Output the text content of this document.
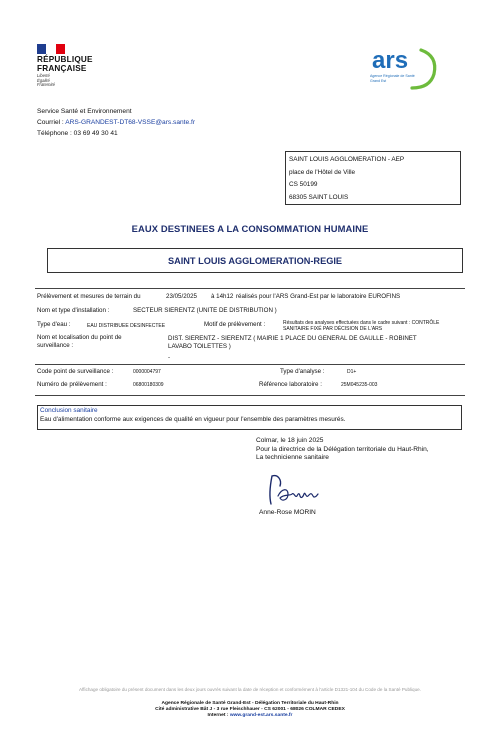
RÉPUBLIQUE
FRANÇAISE
Liberté
Égalité
Fraternité
ars
Agence Régionale de Santé
Grand Est
Service Santé et Environnement
Courriel : ARS-GRANDEST-DT68-VSSE@ars.sante.fr
Téléphone : 03 69 49 30 41
SAINT LOUIS AGGLOMERATION - AEP
place de l'Hôtel de Ville
CS 50199
68305 SAINT LOUIS
EAUX DESTINEES A LA CONSOMMATION HUMAINE
SAINT LOUIS AGGLOMERATION-REGIE
Prélèvement et mesures de terrain du	23/05/2025 à 14h12 réalisés pour l'ARS Grand-Est par le laboratoire EUROFINS
Nom et type d'installation :	SECTEUR SIERENTZ (UNITE DE DISTRIBUTION )
Type d'eau :	EAU DISTRIBUEE DESINFECTEE	Motif de prélèvement :	Résultats des analyses effectuées dans le cadre suivant : CONTRÔLE
SANITAIRE FIXÉ PAR DÉCISION DE L'ARS
Nom et localisation du point de
surveillance :
DIST. SIERENTZ - SIERENTZ ( MAIRIE 1 PLACE DU GENERAL DE GAULLE - ROBINET
LAVABO TOILETTES )
-
Code point de surveillance :	0000004797	Type d'analyse :	D1+
Numéro de prélèvement :	06800180309	Référence laboratoire :	25M045235-003
Conclusion sanitaire
Eau d'alimentation conforme aux exigences de qualité en vigueur pour l'ensemble des paramètres mesurés.
Colmar, le 18 juin 2025
Pour la directrice de la Délégation territoriale du Haut-Rhin,
La technicienne sanitaire
Anne-Rose MORIN
Affichage obligatoire du présent document dans les deux jours ouvrés suivant la date de réception et conformément à l'article D1321-104 du Code de la Santé Publique.
Agence Régionale de Santé Grand-Est - Délégation Territoriale du Haut-Rhin
Cité administrative Bât J - 3 rue Fleischhauer - CS 62001 - 68026 COLMAR CEDEX
Internet : www.grand-est.ars.sante.fr
